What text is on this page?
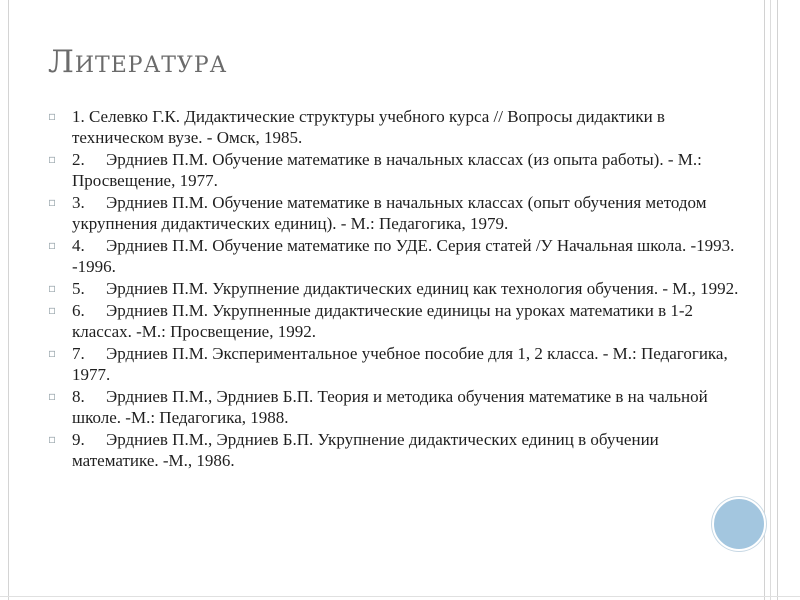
Литература
▫ 1. Селевко Г.К. Дидактические структуры учебного курса // Вопросы дидактики в техническом вузе. - Омск, 1985.
▫ 2.	Эрдниев П.М. Обучение математике в начальных классах (из опыта работы). - М.: Просвещение, 1977.
▫ 3.	Эрдниев П.М. Обучение математике в начальных классах (опыт обучения методом укрупнения дидактических единиц). - М.: Педагогика, 1979.
▫ 4.	Эрдниев П.М. Обучение математике по УДЕ. Серия статей /У Начальная школа. -1993. -1996.
▫ 5.	Эрдниев П.М. Укрупнение дидактических единиц как технология обучения. - М., 1992.
▫ 6.	Эрдниев П.М. Укрупненные дидактические единицы на уроках математики в 1-2 классах. -М.: Просвещение, 1992.
▫ 7.	Эрдниев П.М. Экспериментальное учебное пособие для 1, 2 класса. - М.: Педагогика, 1977.
▫ 8.	Эрдниев П.М., Эрдниев Б.П. Теория и методика обучения математике в на чальной школе. -М.: Педагогика, 1988.
▫ 9.	Эрдниев П.М., Эрдниев Б.П. Укрупнение дидактических единиц в обучении математике. -М., 1986.
